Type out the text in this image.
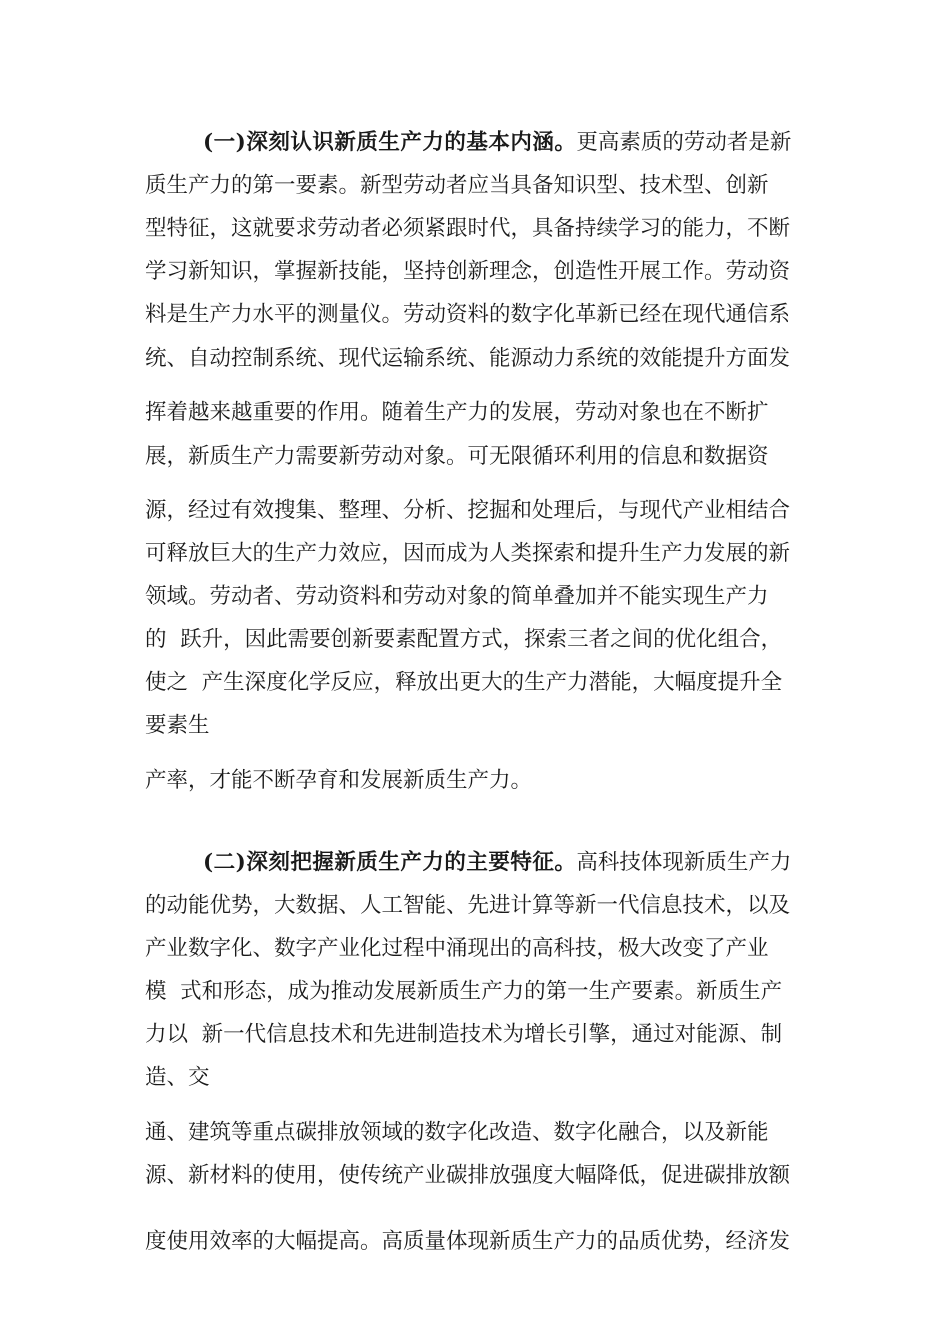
(一)深刻认识新质生产力的基本内涵。更高素质的劳动者是新

质生产力的第一要素。新型劳动者应当具备知识型、技术型、创新

型特征，这就要求劳动者必须紧跟时代，具备持续学习的能力，不断

学习新知识，掌握新技能，坚持创新理念，创造性开展工作。劳动资

料是生产力水平的测量仪。劳动资料的数字化革新已经在现代通信系

统、自动控制系统、现代运输系统、能源动力系统的效能提升方面发

挥着越来越重要的作用。随着生产力的发展，劳动对象也在不断扩

展，新质生产力需要新劳动对象。可无限循环利用的信息和数据资

源，经过有效搜集、整理、分析、挖掘和处理后，与现代产业相结合

可释放巨大的生产力效应，因而成为人类探索和提升生产力发展的新

领域。劳动者、劳动资料和劳动对象的简单叠加并不能实现生产力

的  跃升，因此需要创新要素配置方式，探索三者之间的优化组合，

使之  产生深度化学反应，释放出更大的生产力潜能，大幅度提升全

要素生

产率，才能不断孕育和发展新质生产力。

(二)深刻把握新质生产力的主要特征。高科技体现新质生产力

的动能优势，大数据、人工智能、先进计算等新一代信息技术，以及

产业数字化、数字产业化过程中涌现出的高科技，极大改变了产业

模  式和形态，成为推动发展新质生产力的第一生产要素。新质生产

力以  新一代信息技术和先进制造技术为增长引擎，通过对能源、制

造、交

通、建筑等重点碳排放领域的数字化改造、数字化融合，以及新能

源、新材料的使用，使传统产业碳排放强度大幅降低，促进碳排放额

度使用效率的大幅提高。高质量体现新质生产力的品质优势，经济发
